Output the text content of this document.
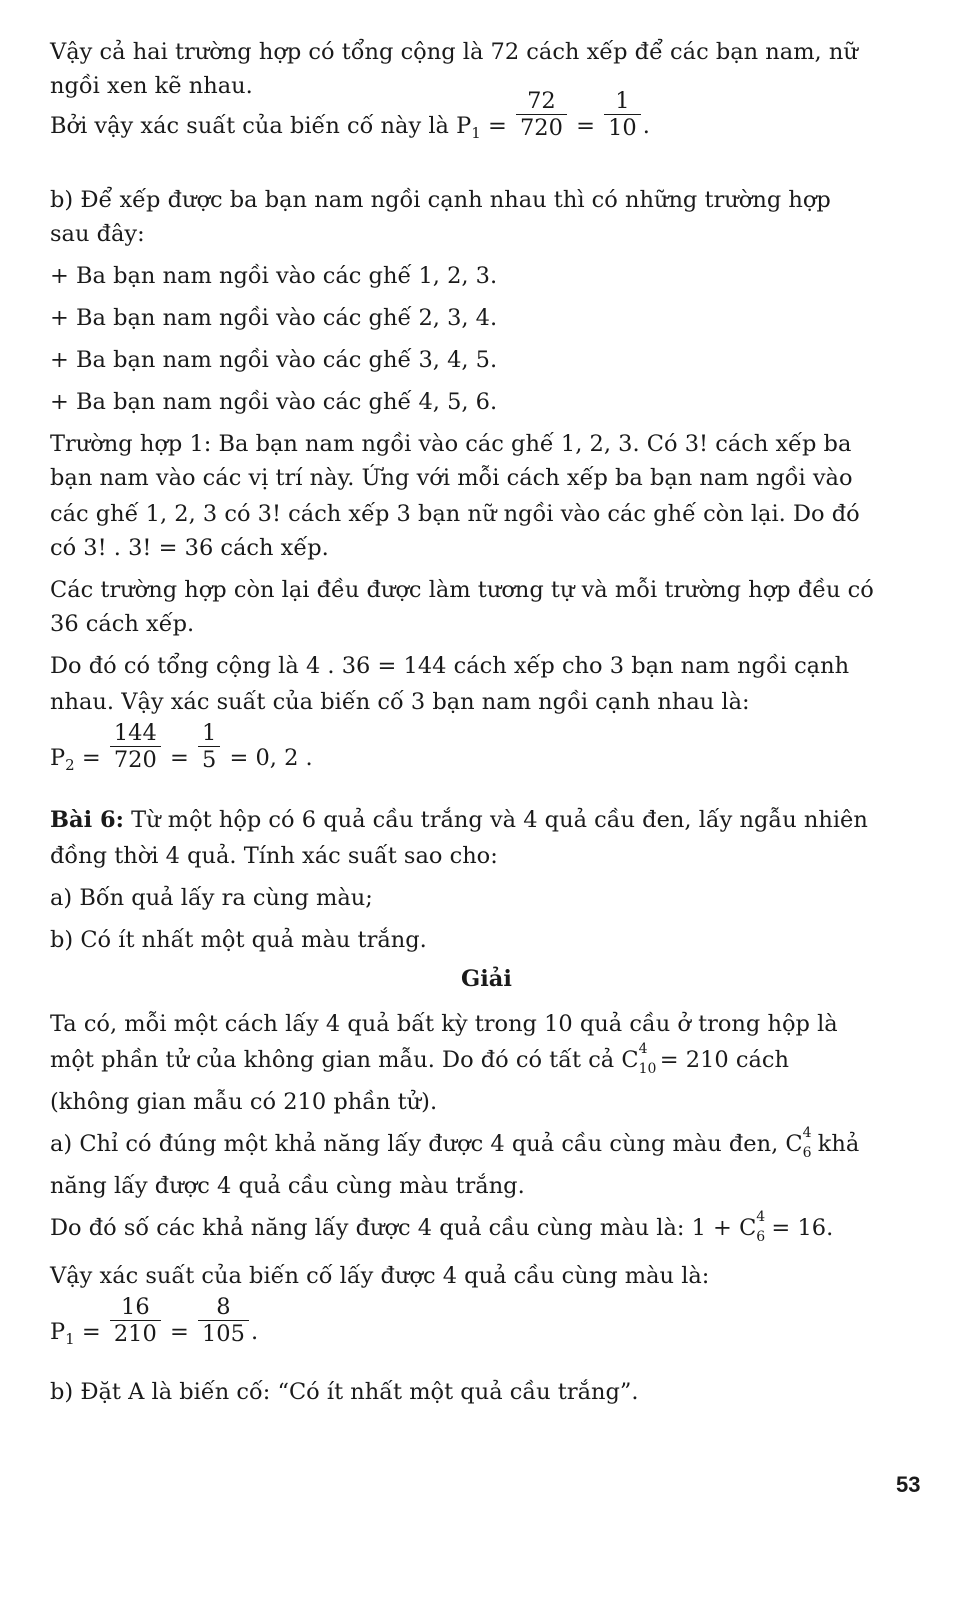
Vậy cả hai trường hợp có tổng cộng là 72 cách xếp để các bạn nam, nữ
ngồi xen kẽ nhau.
Bởi vậy xác suất của biến cố này là $P_1 = \frac{72}{720} = \frac{1}{10}$ .
b) Để xếp được ba bạn nam ngồi cạnh nhau thì có những trường hợp
sau đây:
+ Ba bạn nam ngồi vào các ghế 1, 2, 3.
+ Ba bạn nam ngồi vào các ghế 2, 3, 4.
+ Ba bạn nam ngồi vào các ghế 3, 4, 5.
+ Ba bạn nam ngồi vào các ghế 4, 5, 6.
Trường hợp 1: Ba bạn nam ngồi vào các ghế 1, 2, 3. Có 3! cách xếp ba
bạn nam vào các vị trí này. Ứng với mỗi cách xếp ba bạn nam ngồi vào
các ghế 1, 2, 3 có 3! cách xếp 3 bạn nữ ngồi vào các ghế còn lại. Do đó
có 3! . 3! = 36 cách xếp.
Các trường hợp còn lại đều được làm tương tự và mỗi trường hợp đều có
36 cách xếp.
Do đó có tổng cộng là 4 . 36 = 144 cách xếp cho 3 bạn nam ngồi cạnh
nhau. Vậy xác suất của biến cố 3 bạn nam ngồi cạnh nhau là:
$P_2 = \frac{144}{720} = \frac{1}{5} = 0$, 2 .
Bài 6: Từ một hộp có 6 quả cầu trắng và 4 quả cầu đen, lấy ngẫu nhiên
đồng thời 4 quả. Tính xác suất sao cho:
a) Bốn quả lấy ra cùng màu;
b) Có ít nhất một quả màu trắng.
Giải
Ta có, mỗi một cách lấy 4 quả bất kỳ trong 10 quả cầu ở trong hộp là
một phần tử của không gian mẫu. Do đó có tất cả C 4
10
= 210 cách
(không gian mẫu có 210 phần tử).
a) Chỉ có đúng một khả năng lấy được 4 quả cầu cùng màu đen, C 4
6 khả
năng lấy được 4 quả cầu cùng màu trắng.
Do đó số các khả năng lấy được 4 quả cầu cùng màu là: 1 + C 4
6 = 16.
Vậy xác suất của biến cố lấy được 4 quả cầu cùng màu là:
$P_1 = \frac{16}{210} = \frac{8}{105}$ .
b) Đặt A là biến cố: “Có ít nhất một quả cầu trắng”.
53
